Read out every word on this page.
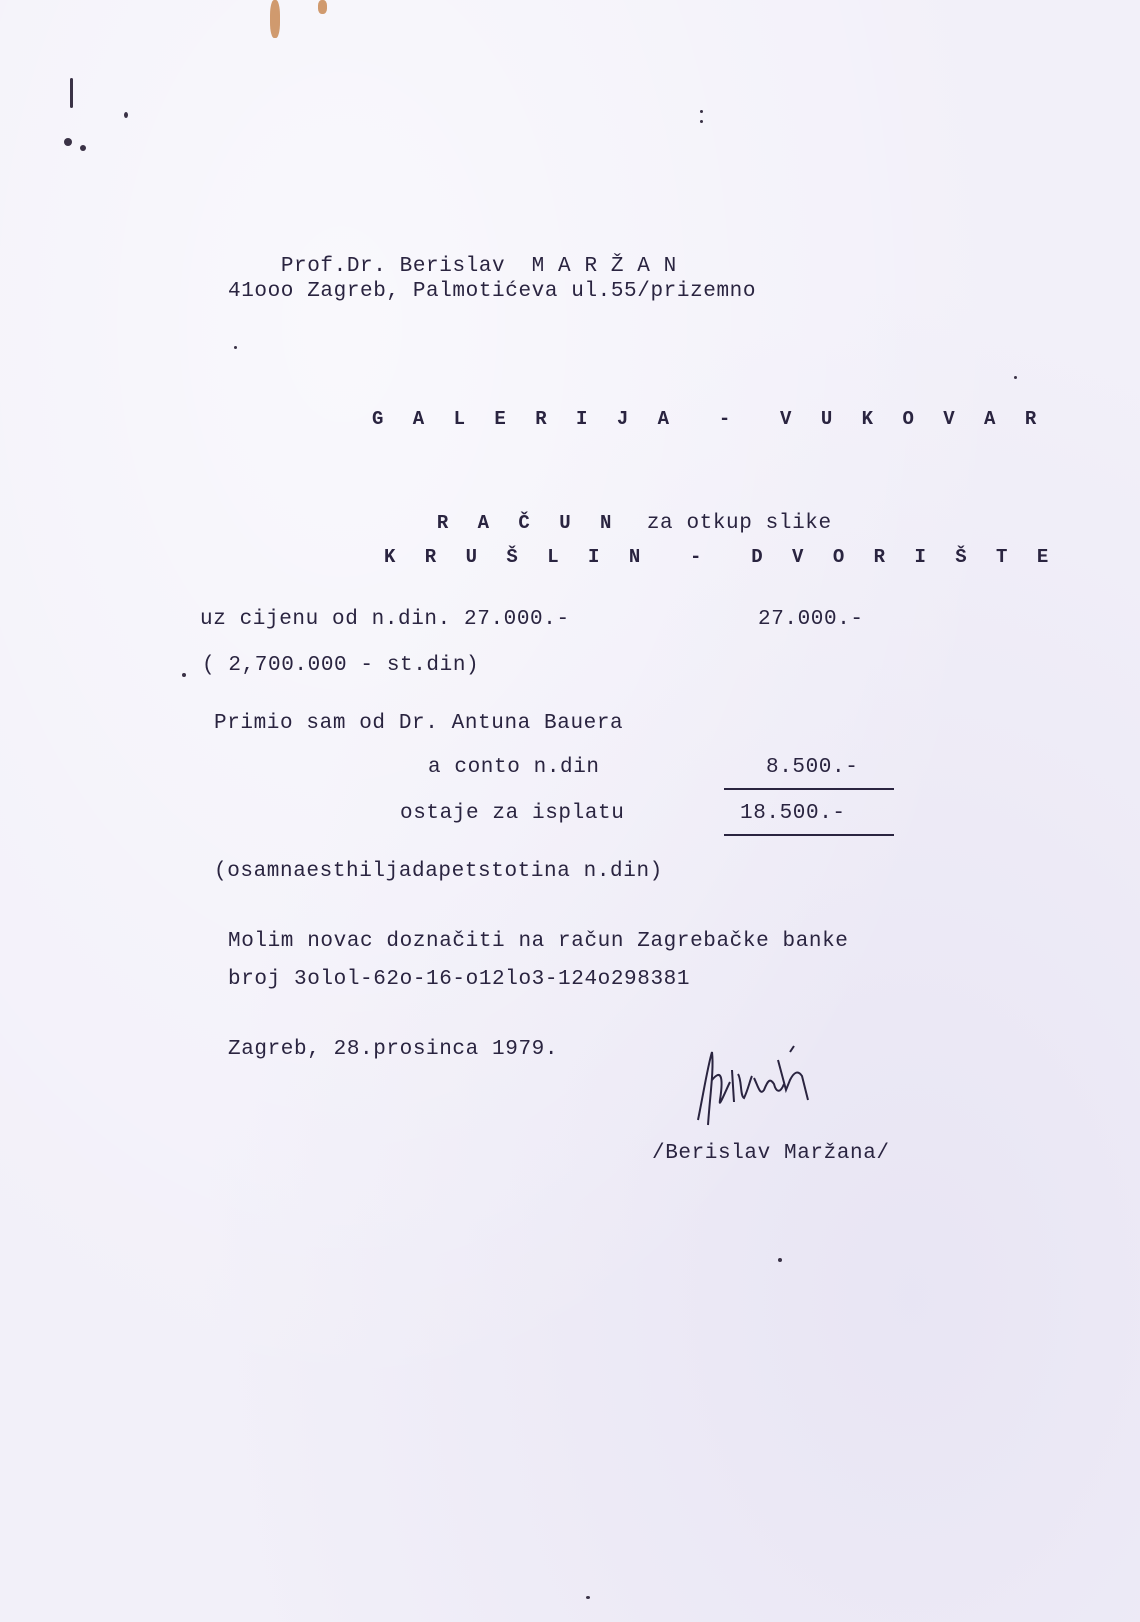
Prof.Dr. Berislav M A R Ž A N

41ooo Zagreb, Palmotićeva ul.55/prizemno
G A L E R I J A  -  V U K O V A R

R A Č U N za otkup slike

K R U Š L I N  -  D V O R I Š T E
uz cijenu od n.din. 27.000.-	27.000.-
( 2,700.000 - st.din)
Primio sam od Dr. Antuna Bauera
a conto n.din	8.500.-
ostaje za isplatu	18.500.-
(osamnaesthiljadapetstotina n.din)
Molim novac doznačiti na račun Zagrebačke banke
broj 3olol-62o-16-o12lo3-124o298381
Zagreb, 28.prosinca 1979.
/Berislav Maržana/
